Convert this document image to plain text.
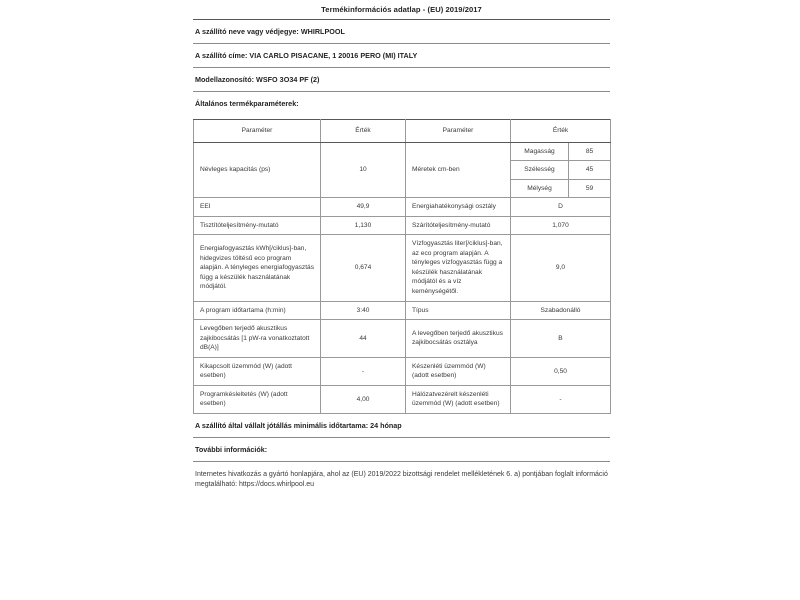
Termékinformációs adatlap - (EU) 2019/2017
A szállító neve vagy védjegye: WHIRLPOOL
A szállító címe: VIA CARLO PISACANE, 1 20016 PERO (MI) ITALY
Modellazonosító: WSFO 3O34 PF (2)
Általános termékparaméterek:
Paraméter	Érték	Paraméter	Érték	
Névleges kapacitás (ps)	10	Méretek cm-ben	Magasság	85
			Szélesség	45
			Mélység	59
EEI	49,9	Energiahatékonysági osztály	D	
Tisztítóteljesítmény-mutató	1,130	Szárítóteljesítmény-mutató	1,070	
Energiafogyasztás kWh[/ciklus]-ban, hidegvizes töltésű eco program alapján. A tényleges energiafogyasztás függ a készülék használatának módjától.	0,674	Vízfogyasztás liter[/ciklus]-ban, az eco program alapján. A tényleges vízfogyasztás függ a készülék használatának módjától és a víz keménységétől.	9,0	
A program időtartama (h:min)	3:40	Típus	Szabadonálló	
Levegőben terjedő akusztikus zajkibocsátás [1 pW-ra vonatkoztatott dB(A)]	44	A levegőben terjedő akusztikus zajkibocsátás osztálya	B	
Kikapcsolt üzemmód (W) (adott esetben)	-	Készenléti üzemmód (W) (adott esetben)	0,50	
Programkésleltetés (W) (adott esetben)	4,00	Hálózatvezérelt készenléti üzemmód (W) (adott esetben)	-	
A szállító által vállalt jótállás minimális időtartama: 24 hónap
További információk:
Internetes hivatkozás a gyártó honlapjára, ahol az (EU) 2019/2022 bizottsági rendelet mellékletének 6. a) pontjában foglalt információ megtalálható: https://docs.whirlpool.eu
